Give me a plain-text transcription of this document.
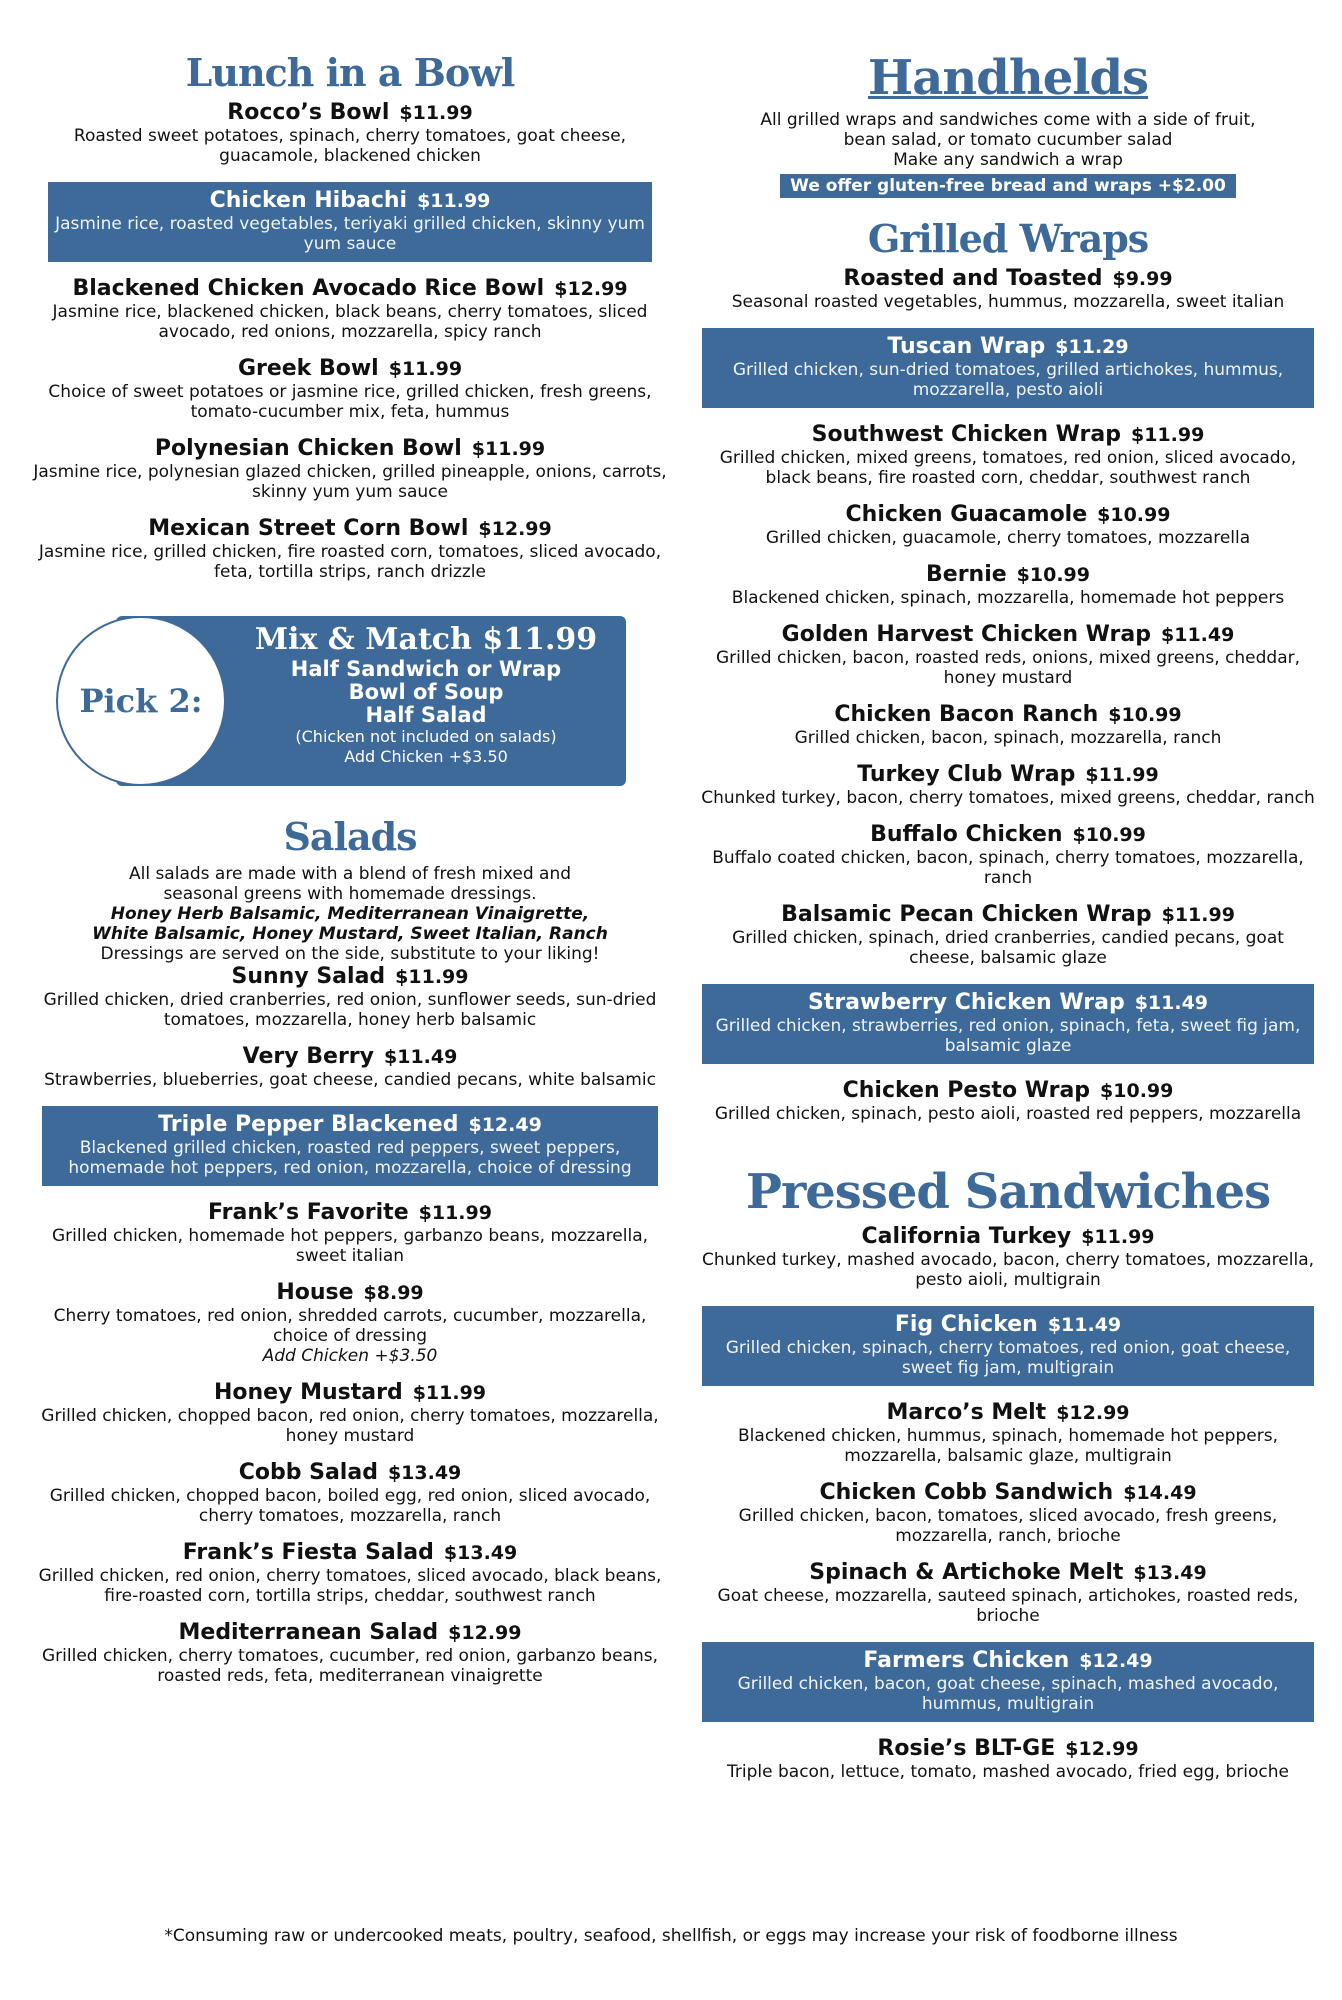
Lunch in a Bowl
Rocco’s Bowl $11.99
Roasted sweet potatoes, spinach, cherry tomatoes, goat cheese, guacamole, blackened chicken
Chicken Hibachi $11.99
Jasmine rice, roasted vegetables, teriyaki grilled chicken, skinny yum yum sauce
Blackened Chicken Avocado Rice Bowl $12.99
Jasmine rice, blackened chicken, black beans, cherry tomatoes, sliced avocado, red onions, mozzarella, spicy ranch
Greek Bowl $11.99
Choice of sweet potatoes or jasmine rice, grilled chicken, fresh greens, tomato-cucumber mix, feta, hummus
Polynesian Chicken Bowl $11.99
Jasmine rice, polynesian glazed chicken, grilled pineapple, onions, carrots, skinny yum yum sauce
Mexican Street Corn Bowl $12.99
Jasmine rice, grilled chicken, fire roasted corn, tomatoes, sliced avocado, feta, tortilla strips, ranch drizzle
Pick 2:
Mix & Match $11.99
Half Sandwich or Wrap
Bowl of Soup
Half Salad
(Chicken not included on salads)
Add Chicken +$3.50
Salads

All salads are made with a blend of fresh mixed and seasonal greens with homemade dressings.

Honey Herb Balsamic, Mediterranean Vinaigrette,

White Balsamic, Honey Mustard, Sweet Italian, Ranch

Dressings are served on the side, substitute to your liking!

Sunny Salad $11.99
Grilled chicken, dried cranberries, red onion, sunflower seeds, sun-dried tomatoes, mozzarella, honey herb balsamic
Very Berry $11.49
Strawberries, blueberries, goat cheese, candied pecans, white balsamic
Triple Pepper Blackened $12.49
Blackened grilled chicken, roasted red peppers, sweet peppers, homemade hot peppers, red onion, mozzarella, choice of dressing
Frank’s Favorite $11.99
Grilled chicken, homemade hot peppers, garbanzo beans, mozzarella, sweet italian
House $8.99
Cherry tomatoes, red onion, shredded carrots, cucumber, mozzarella, choice of dressing
Add Chicken +$3.50
Honey Mustard $11.99
Grilled chicken, chopped bacon, red onion, cherry tomatoes, mozzarella, honey mustard
Cobb Salad $13.49
Grilled chicken, chopped bacon, boiled egg, red onion, sliced avocado, cherry tomatoes, mozzarella, ranch
Frank’s Fiesta Salad $13.49
Grilled chicken, red onion, cherry tomatoes, sliced avocado, black beans, fire-roasted corn, tortilla strips, cheddar, southwest ranch
Mediterranean Salad $12.99
Grilled chicken, cherry tomatoes, cucumber, red onion, garbanzo beans, roasted reds, feta, mediterranean vinaigrette
Handhelds

All grilled wraps and sandwiches come with a side of fruit,

bean salad, or tomato cucumber salad

Make any sandwich a wrap

We offer gluten-free bread and wraps +$2.00
Grilled Wraps
Roasted and Toasted $9.99
Seasonal roasted vegetables, hummus, mozzarella, sweet italian
Tuscan Wrap $11.29
Grilled chicken, sun-dried tomatoes, grilled artichokes, hummus, mozzarella, pesto aioli
Southwest Chicken Wrap $11.99
Grilled chicken, mixed greens, tomatoes, red onion, sliced avocado, black beans, fire roasted corn, cheddar, southwest ranch
Chicken Guacamole $10.99
Grilled chicken, guacamole, cherry tomatoes, mozzarella
Bernie $10.99
Blackened chicken, spinach, mozzarella, homemade hot peppers
Golden Harvest Chicken Wrap $11.49
Grilled chicken, bacon, roasted reds, onions, mixed greens, cheddar, honey mustard
Chicken Bacon Ranch $10.99
Grilled chicken, bacon, spinach, mozzarella, ranch
Turkey Club Wrap $11.99
Chunked turkey, bacon, cherry tomatoes, mixed greens, cheddar, ranch
Buffalo Chicken $10.99
Buffalo coated chicken, bacon, spinach, cherry tomatoes, mozzarella, ranch
Balsamic Pecan Chicken Wrap $11.99
Grilled chicken, spinach, dried cranberries, candied pecans, goat cheese, balsamic glaze
Strawberry Chicken Wrap $11.49
Grilled chicken, strawberries, red onion, spinach, feta, sweet fig jam, balsamic glaze
Chicken Pesto Wrap $10.99
Grilled chicken, spinach, pesto aioli, roasted red peppers, mozzarella
Pressed Sandwiches
California Turkey $11.99
Chunked turkey, mashed avocado, bacon, cherry tomatoes, mozzarella, pesto aioli, multigrain
Fig Chicken $11.49
Grilled chicken, spinach, cherry tomatoes, red onion, goat cheese, sweet fig jam, multigrain
Marco’s Melt $12.99
Blackened chicken, hummus, spinach, homemade hot peppers, mozzarella, balsamic glaze, multigrain
Chicken Cobb Sandwich $14.49
Grilled chicken, bacon, tomatoes, sliced avocado, fresh greens, mozzarella, ranch, brioche
Spinach & Artichoke Melt $13.49
Goat cheese, mozzarella, sauteed spinach, artichokes, roasted reds, brioche
Farmers Chicken $12.49
Grilled chicken, bacon, goat cheese, spinach, mashed avocado, hummus, multigrain
Rosie’s BLT-GE $12.99
Triple bacon, lettuce, tomato, mashed avocado, fried egg, brioche
*Consuming raw or undercooked meats, poultry, seafood, shellfish, or eggs may increase your risk of foodborne illness
